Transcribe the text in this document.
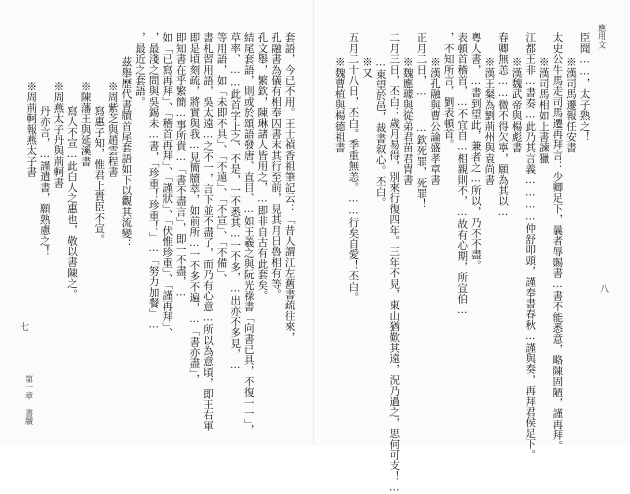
套語，今已不用。王士禎香祖筆記云：「昔人謂江左舊書疏往來，
孔融書為儀有相奉囚書末其行至前，見其月日魯相有等。
孔文舉，繁欽，陳琳諸人皆用之，…即非自古有此套矣。
結尾套語，則或於頌語發唐、直目、…如王羲之與阮光祿書「向書已具，不復一一」，
草率、……此首字上之、不是，一不悉其…一不多，…出亦不多見，…
等用語，如「未即不具」、「不遠」、「不宣」、「不備」、
書札習用語，吳太遠…之不一，言下並不盡了，而乃有心意…所以為意頃，即王右軍
即是頃刻疏，將實與我…見簡牘萃，如前所…一不多不遍，…「書亦盡」，
即知書在乎繁簡…事所貴…「書不盡言」，即一不盡，…
如「已寫再拜」、「稽首再拜」、「謹狀」、「伏惟珍重」、「謹再拜」、
，最淺之問與吳錫未…書，「珍重！珍重！」…「努力加餐」…
，最近之套語。
茲舉歷代書牘首尾套語如下以觀其流變：
※周紫芝與趙雲程書
寫惠子知，惟君上貴臣不宣。
※陳藩王與延溪書
寫人不宣…此白人之惠也，敬以書陳之。
※周燕太子丹與荊軻書
丹亦言，…謹遣書，願熟慮之！
※周荊軻報燕太子書
七
第一章 書牘
應用文
臣聞……，太子熟之！
※漢司馬遷報任安書
太史公牛馬走司馬遷再拜言：少卿足下，曩者辱賜書…書不能悉意，略陳固陋，謹再拜。
※漢司馬相如上書諫獵
江都王非…書奏…此乃其言義…………仲舒叩頭，謹奉書春秋…謹與奏，再拜君侯足下。
※漢魏武帝與楊彪書
春卿無恙……微不得欠寧，願為其以…
※漢王粲為劉荊州與袁尚書
粵人書，…書到望此，兼者之…所以，乃不不盡。
表頓首稽首，…不宜自…相親則不，…故有心期，所宣伯…
，不知所言，劉表頓首。
※漢孔融與曹公論盛孝章書
正月二日，…  …欽死罪，死罪！
※魏應璩與從弟君苗君胄書
二月三日，丕白：歲月易得，別來行復四年。三年不見，東山猶歎其遠，況乃過之，思何可支！…
…東望於邑，裁書叙心。丕白。
※又
五月二十八日，丕白。季重無恙。……行矣自愛！丕白。
※魏曹植與楊德祖書
八
